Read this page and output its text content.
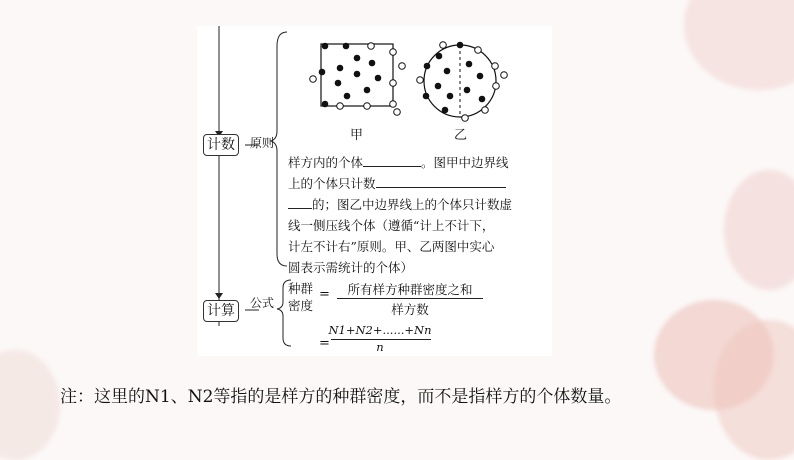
甲	乙
计数	原则
计算	公式
样方内的个体	。图甲中边界线
上的个体只计数
的；图乙中边界线上的个体只计数虚
线一侧压线个体（遵循“计上不计下，
计左不计右”原则。甲、乙两图中实心
圆表示需统计的个体）
种群
密度
=	所有样方种群密度之和
样方数
=
N1+N2+......+Nn
n
注：这里的N1、N2等指的是样方的种群密度，而不是指样方的个体数量。
